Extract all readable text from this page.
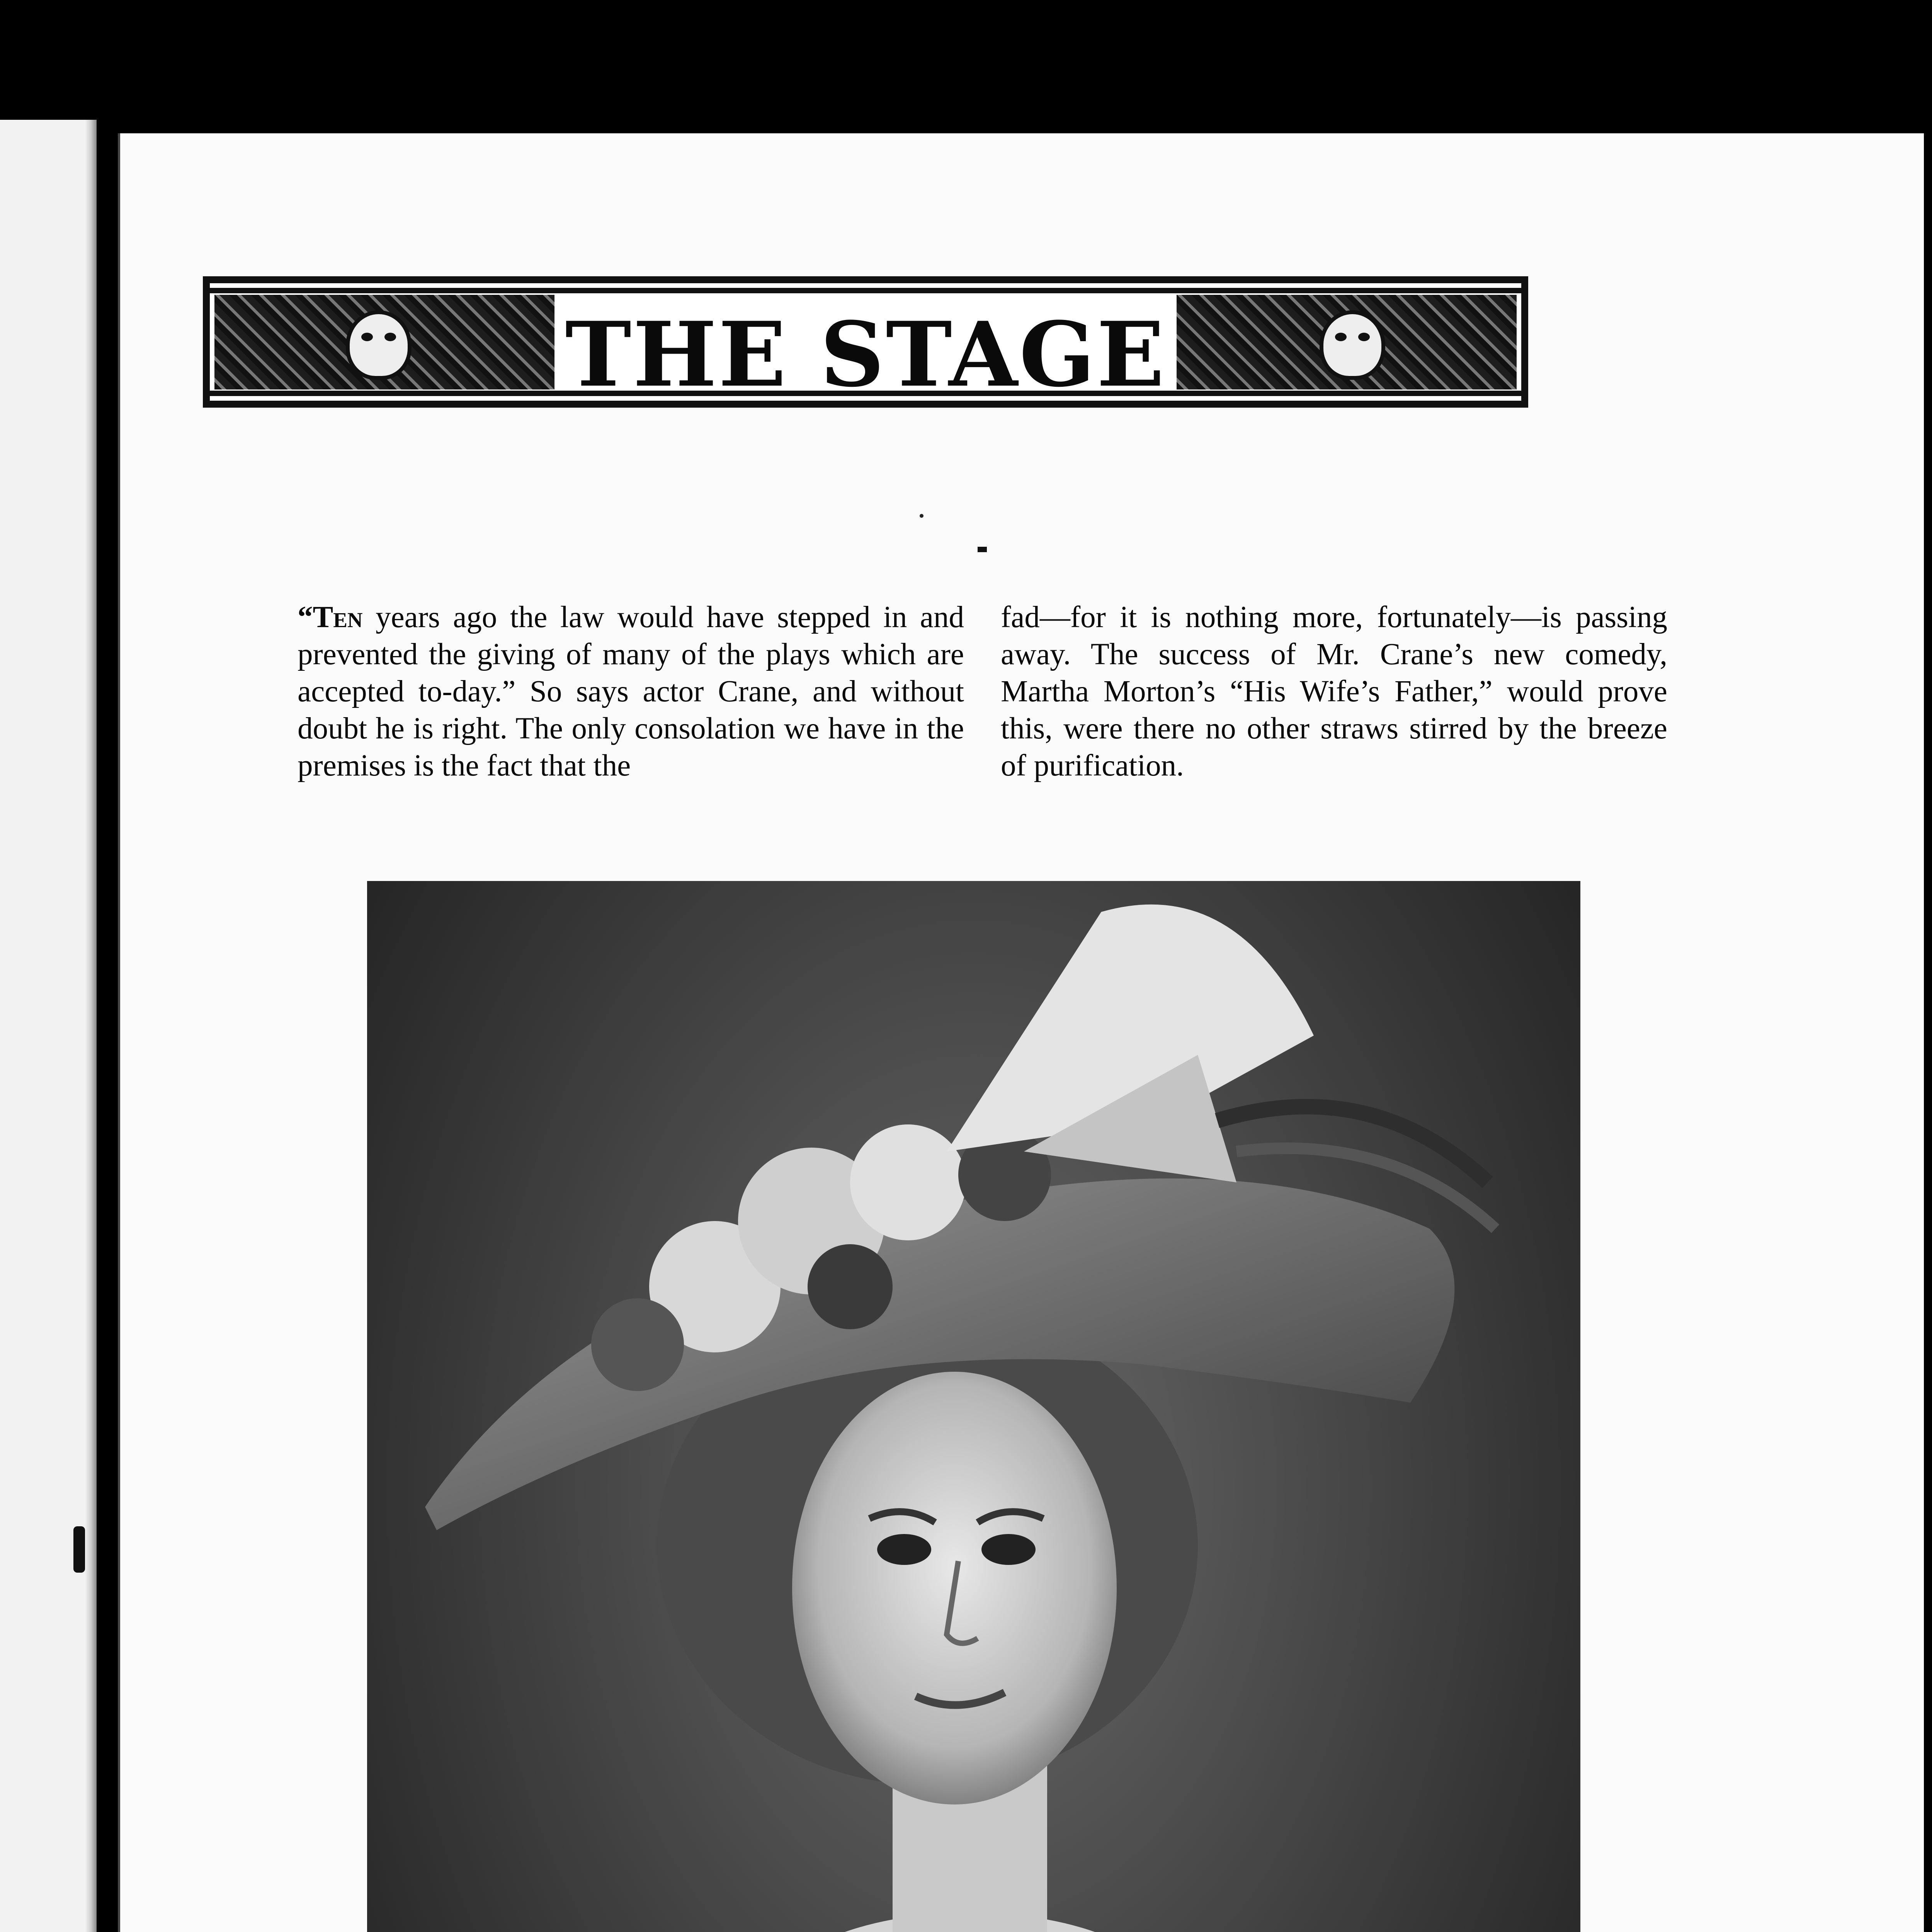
THE STAGE

“Ten years ago the law would have stepped in and prevented the giving of many of the plays which are accepted to-day.” So says actor Crane, and without doubt he is right. The only consolation we have in the premises is the fact that the

fad—for it is nothing more, fortunately—is passing away. The success of Mr. Crane’s new comedy, Martha Morton’s “His Wife’s Father,” would prove this, were there no other straws stirred by the breeze of purification.
